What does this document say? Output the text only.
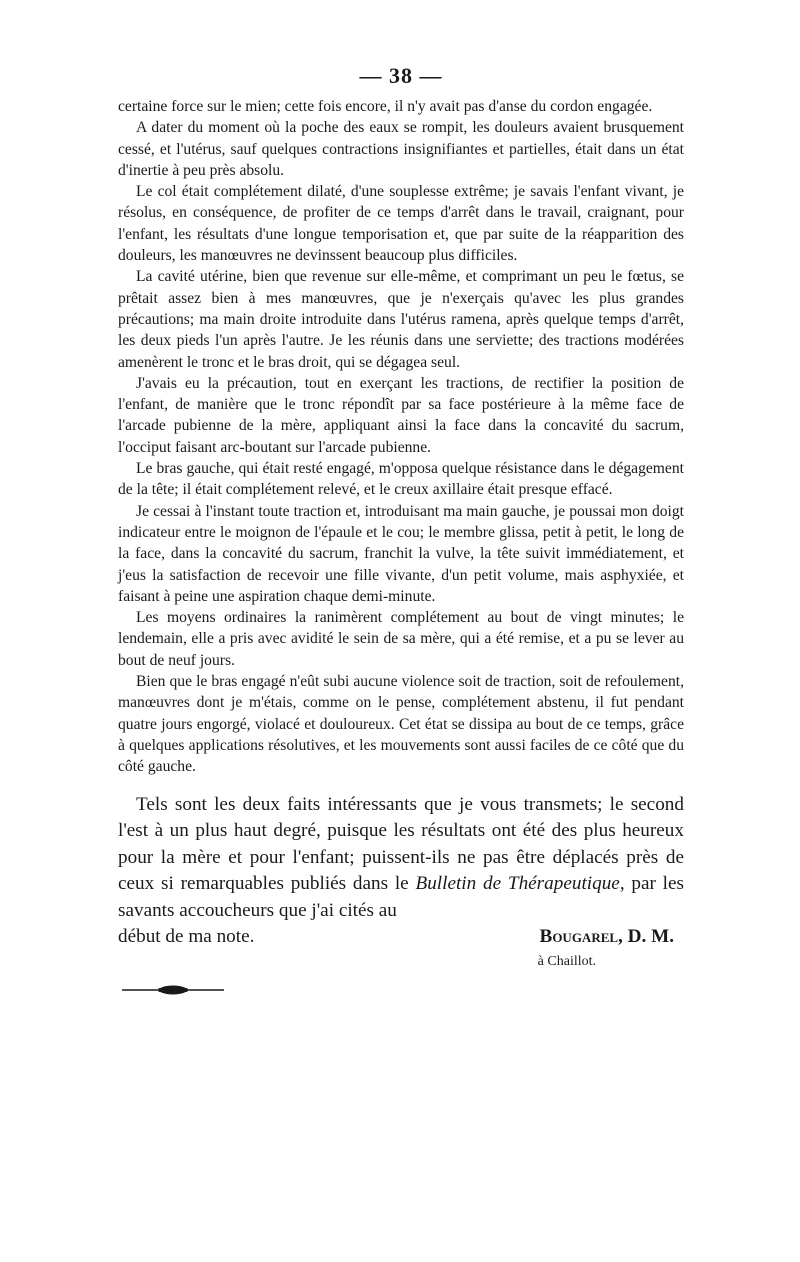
— 38 —

certaine force sur le mien; cette fois encore, il n'y avait pas d'anse du cordon engagée.

A dater du moment où la poche des eaux se rompit, les douleurs avaient brusquement cessé, et l'utérus, sauf quelques contractions insignifiantes et partielles, était dans un état d'inertie à peu près absolu.

Le col était complétement dilaté, d'une souplesse extrême; je savais l'enfant vivant, je résolus, en conséquence, de profiter de ce temps d'arrêt dans le travail, craignant, pour l'enfant, les résultats d'une longue temporisation et, que par suite de la réapparition des douleurs, les manœuvres ne devinssent beaucoup plus difficiles.

La cavité utérine, bien que revenue sur elle-même, et comprimant un peu le fœtus, se prêtait assez bien à mes manœuvres, que je n'exerçais qu'avec les plus grandes précautions; ma main droite introduite dans l'utérus ramena, après quelque temps d'arrêt, les deux pieds l'un après l'autre. Je les réunis dans une serviette; des tractions modérées amenèrent le tronc et le bras droit, qui se dégagea seul.

J'avais eu la précaution, tout en exerçant les tractions, de rectifier la position de l'enfant, de manière que le tronc répondît par sa face postérieure à la même face de l'arcade pubienne de la mère, appliquant ainsi la face dans la concavité du sacrum, l'occiput faisant arc-boutant sur l'arcade pubienne.

Le bras gauche, qui était resté engagé, m'opposa quelque résistance dans le dégagement de la tête; il était complétement relevé, et le creux axillaire était presque effacé.

Je cessai à l'instant toute traction et, introduisant ma main gauche, je poussai mon doigt indicateur entre le moignon de l'épaule et le cou; le membre glissa, petit à petit, le long de la face, dans la concavité du sacrum, franchit la vulve, la tête suivit immédiatement, et j'eus la satisfaction de recevoir une fille vivante, d'un petit volume, mais asphyxiée, et faisant à peine une aspiration chaque demi-minute.

Les moyens ordinaires la ranimèrent complétement au bout de vingt minutes; le lendemain, elle a pris avec avidité le sein de sa mère, qui a été remise, et a pu se lever au bout de neuf jours.

Bien que le bras engagé n'eût subi aucune violence soit de traction, soit de refoulement, manœuvres dont je m'étais, comme on le pense, complétement abstenu, il fut pendant quatre jours engorgé, violacé et douloureux. Cet état se dissipa au bout de ce temps, grâce à quelques applications résolutives, et les mouvements sont aussi faciles de ce côté que du côté gauche.

Tels sont les deux faits intéressants que je vous transmets; le second l'est à un plus haut degré, puisque les résultats ont été des plus heureux pour la mère et pour l'enfant; puissent-ils ne pas être déplacés près de ceux si remarquables publiés dans le Bulletin de Thérapeutique, par les savants accoucheurs que j'ai cités au

début de ma note.	Bougarel, D. M.
à Chaillot.
